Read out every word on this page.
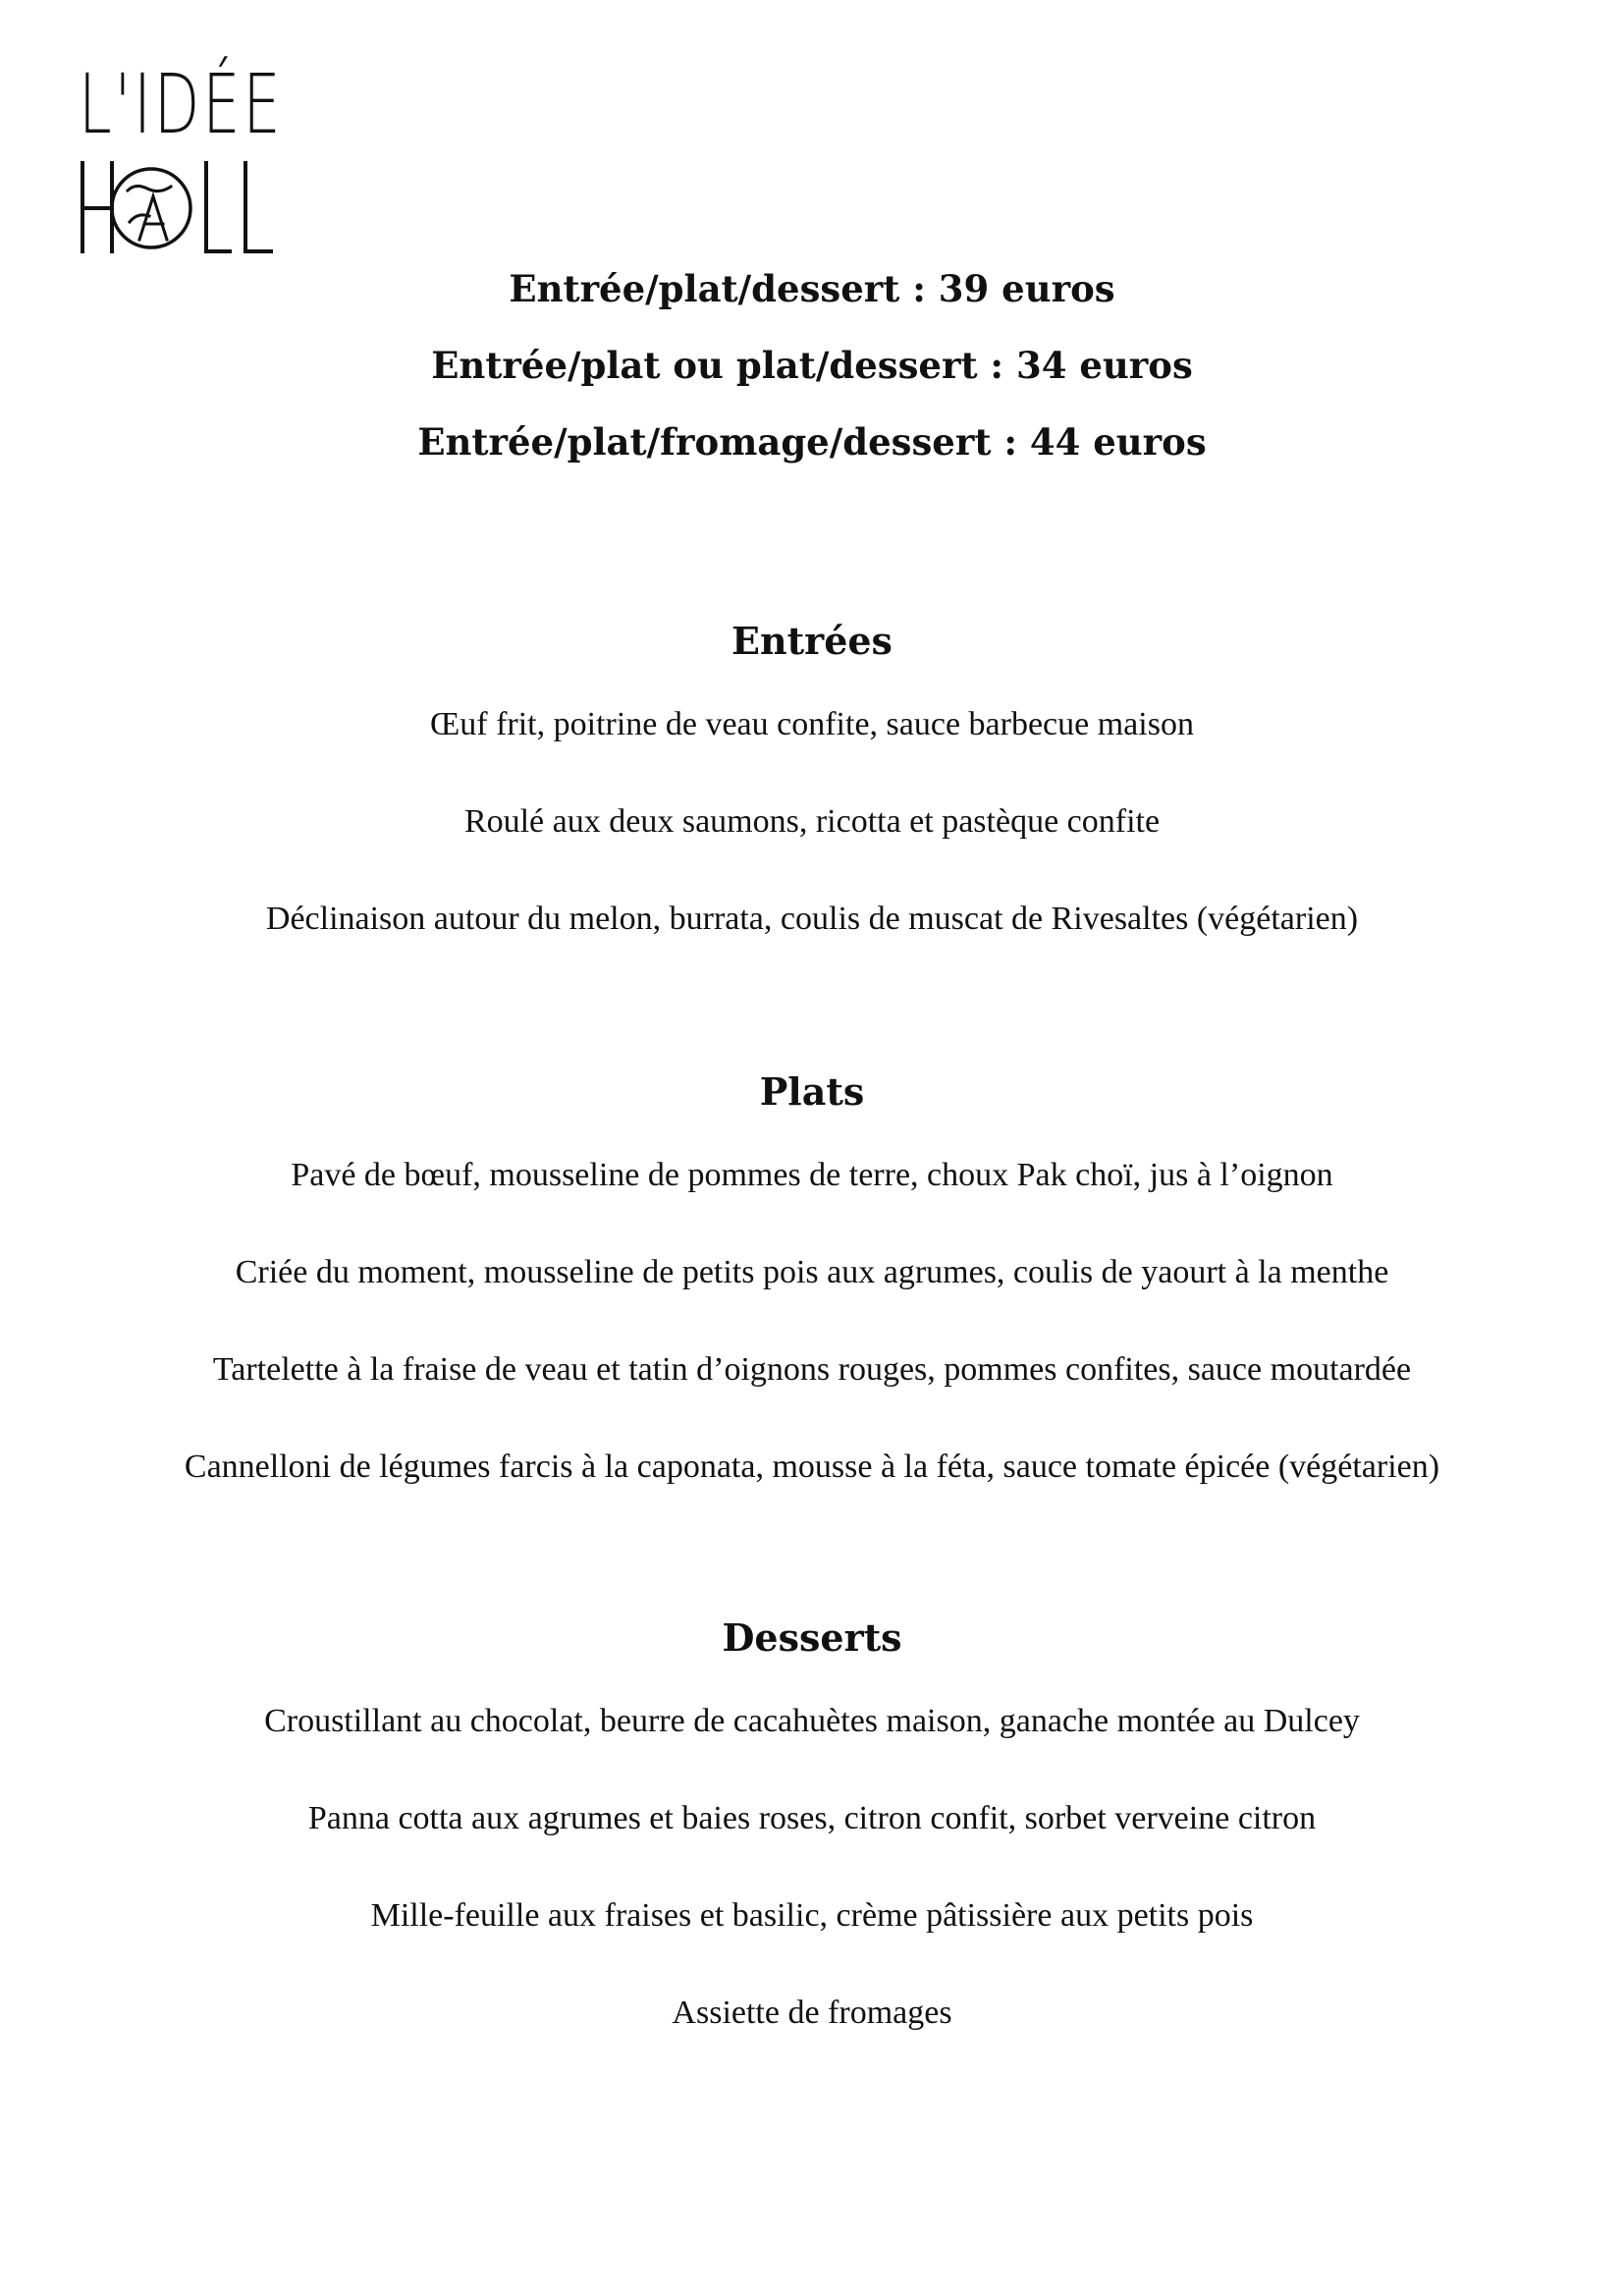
L'IDÉE

Entrée/plat/dessert : 39 euros

Entrée/plat ou plat/dessert : 34 euros

Entrée/plat/fromage/dessert : 44 euros

Entrées

Œuf frit, poitrine de veau confite, sauce barbecue maison

Roulé aux deux saumons, ricotta et pastèque confite

Déclinaison autour du melon, burrata, coulis de muscat de Rivesaltes (végétarien)

Plats

Pavé de bœuf, mousseline de pommes de terre, choux Pak choï, jus à l’oignon

Criée du moment, mousseline de petits pois aux agrumes, coulis de yaourt à la menthe

Tartelette à la fraise de veau et tatin d’oignons rouges, pommes confites, sauce moutardée

Cannelloni de légumes farcis à la caponata, mousse à la féta, sauce tomate épicée (végétarien)

Desserts

Croustillant au chocolat, beurre de cacahuètes maison, ganache montée au Dulcey

Panna cotta aux agrumes et baies roses, citron confit, sorbet verveine citron

Mille-feuille aux fraises et basilic, crème pâtissière aux petits pois

Assiette de fromages
